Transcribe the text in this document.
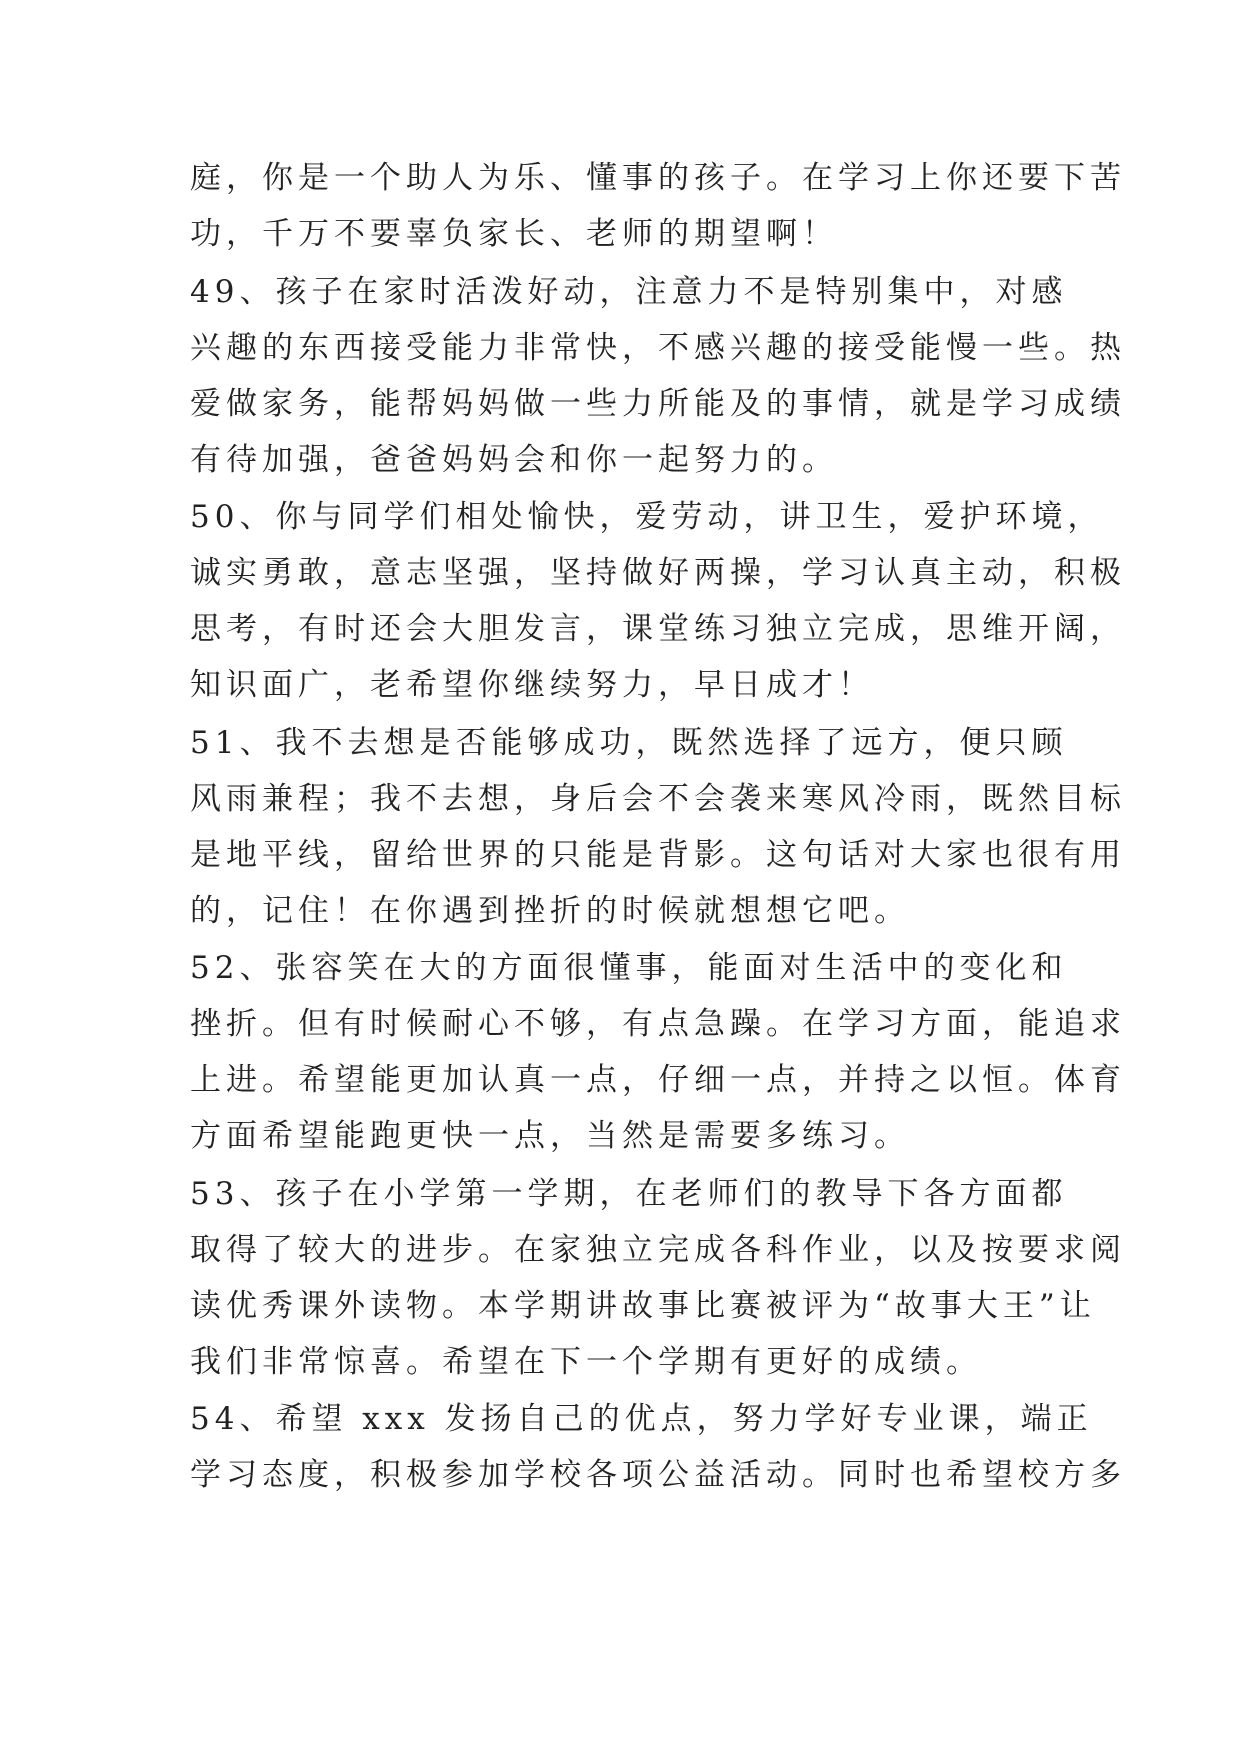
庭，你是一个助人为乐、懂事的孩子。在学习上你还要下苦
功，千万不要辜负家长、老师的期望啊！
49、孩子在家时活泼好动，注意力不是特别集中，对感
兴趣的东西接受能力非常快，不感兴趣的接受能慢一些。热
爱做家务，能帮妈妈做一些力所能及的事情，就是学习成绩
有待加强，爸爸妈妈会和你一起努力的。
50、你与同学们相处愉快，爱劳动，讲卫生，爱护环境，
诚实勇敢，意志坚强，坚持做好两操，学习认真主动，积极
思考，有时还会大胆发言，课堂练习独立完成，思维开阔，
知识面广，老希望你继续努力，早日成才！
51、我不去想是否能够成功，既然选择了远方，便只顾
风雨兼程；我不去想，身后会不会袭来寒风冷雨，既然目标
是地平线，留给世界的只能是背影。这句话对大家也很有用
的，记住！在你遇到挫折的时候就想想它吧。
52、张容笑在大的方面很懂事，能面对生活中的变化和
挫折。但有时候耐心不够，有点急躁。在学习方面，能追求
上进。希望能更加认真一点，仔细一点，并持之以恒。体育
方面希望能跑更快一点，当然是需要多练习。
53、孩子在小学第一学期，在老师们的教导下各方面都
取得了较大的进步。在家独立完成各科作业，以及按要求阅
读优秀课外读物。本学期讲故事比赛被评为“故事大王”让
我们非常惊喜。希望在下一个学期有更好的成绩。
54、希望 xxx 发扬自己的优点，努力学好专业课，端正
学习态度，积极参加学校各项公益活动。同时也希望校方多
